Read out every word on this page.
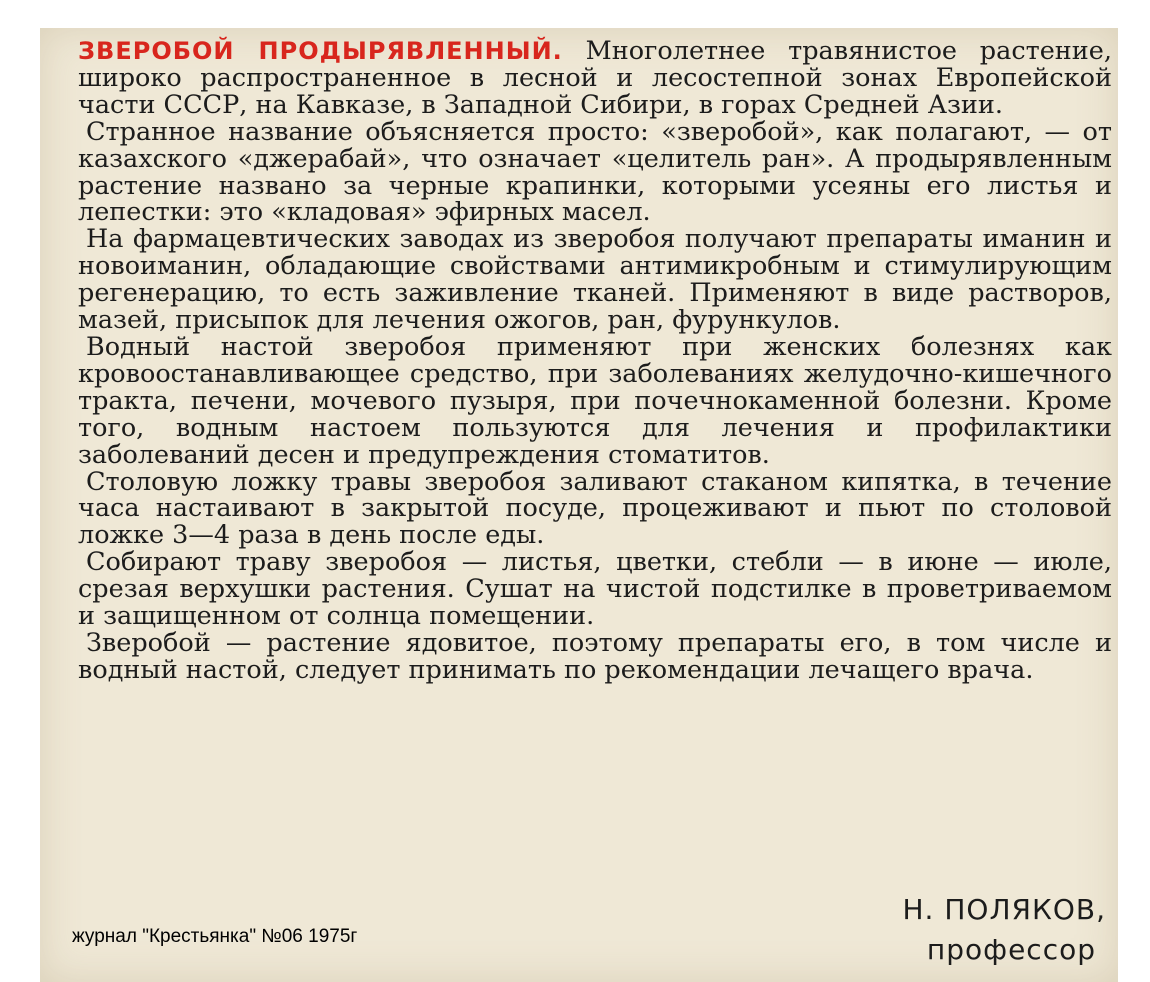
ЗВЕРОБОЙ ПРОДЫРЯВЛЕННЫЙ. Многолетнее травянистое растение, широко распространенное в лесной и лесостепной зонах Европейской части СССР, на Кавказе, в Западной Сибири, в горах Средней Азии.

Странное название объясняется просто: «зверобой», как полагают, — от казахского «джерабай», что означает «целитель ран». А продырявленным растение названо за черные крапинки, которыми усеяны его листья и лепестки: это «кладовая» эфирных масел.

На фармацевтических заводах из зверобоя получают препараты иманин и новоиманин, обладающие свойствами антимикробным и стимулирующим регенерацию, то есть заживление тканей. Применяют в виде растворов, мазей, присыпок для лечения ожогов, ран, фурункулов.

Водный настой зверобоя применяют при женских болезнях как кровоостанавливающее средство, при заболеваниях желудочно-кишечного тракта, печени, мочевого пузыря, при почечнокаменной болезни. Кроме того, водным настоем пользуются для лечения и профилактики заболеваний десен и предупреждения стоматитов.

Столовую ложку травы зверобоя заливают стаканом кипятка, в течение часа настаивают в закрытой посуде, процеживают и пьют по столовой ложке 3—4 раза в день после еды.

Собирают траву зверобоя — листья, цветки, стебли — в июне — июле, срезая верхушки растения. Сушат на чистой подстилке в проветриваемом и защищенном от солнца помещении.

Зверобой — растение ядовитое, поэтому препараты его, в том числе и водный настой, следует принимать по рекомендации лечащего врача.

Н. ПОЛЯКОВ,
профессор
журнал "Крестьянка" №06 1975г
